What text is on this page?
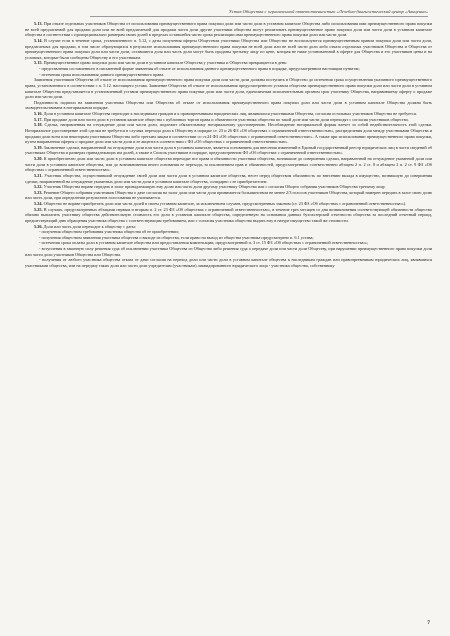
Устав Общества с ограниченной ответственностью «Лечебно-диагностический центр «Авиценна»

5.13. При отказе отдельных участников Общества от использования преимущественного права покупки доли или части доли в уставном капитале Общества либо использования ими преимущественного права покупки не всей предлагаемой для продажи доли или не всей предлагаемой для продажи части доли другие участники общества могут реализовать преимущественное право покупки доли или части доли в уставном капитале общества в соответствии с пропорционально размерам своих долей в пределах оставшейся части срока реализации ими преимущественного права покупки доли или части доли.

5.14. В случае если в течение срока, установленного п. 5.12, с даты получения оферты Обществом участники Общества или Общество не воспользуются преимущественным правом покупки доли или части доли, предлагаемых для продажи, в том числе образующихся в результате использования преимущественного права покупки не всей доли или не всей части доли либо отказа отдельных участников Общества и Общества от преимущественного права покупки доли или части доли, оставшиеся доля или часть доли могут быть проданы третьему лицу по цене, которая не ниже установленной в оферте для Общества и его участников цены и на условиях, которые были сообщены Обществу и его участникам.

5.15. Преимущественное право покупки доли или части доли в уставном капитале Общества у участника и Общества прекращается в день:

- представления составленного в письменной форме заявления об отказе от использования данного преимущественного права в порядке, предусмотренном настоящим пунктом;

- истечения срока использования данного преимущественного права.

Заявления участников Общества об отказе от использования преимущественного права покупки доли или части доли должны поступить в Общество до истечения срока осуществления указанного преимущественного права, установленного в соответствии с п. 5.12. настоящего устава. Заявление Общества об отказе от использования предусмотренного уставом общества преимущественного права покупки доли или части доли в уставном капитале Общества представляется в установленный уставом преимущественного права покупки доли или части доли, единоличным исполнительным органом срок участнику Общества, направившему оферту о продаже доли или части доли.

Подлинность подписи на заявлении участника Общества или Общества об отказе от использования преимущественного права покупки доли или части доли в уставном капитале Общества должна быть засвидетельствована в нотариальном порядке.

5.16. Доли в уставном капитале Общества переходят к наследникам граждан и к правопреемникам юридических лиц, являвшихся участниками Общества, согласия остальных участников Общества не требуется.

5.17. При продаже доли или части доли в уставном капитале общества с публичных торгов права и обязанности участника общества по такой доле или части доли переходят с согласия участников общества.

5.18. Сделка, направленная на отчуждение доли или части доли, подлежит обязательному нотариальному удостоверению. Несоблюдение нотариальной формы влечет за собой недействительность этой сделки. Нотариальное удостоверение этой сделки не требуется в случаях перехода доли к Обществу в порядке ст. 23 и 26 ФЗ «Об обществах с ограниченной ответственностью», распределения доли между участниками Общества и продажи доли всем или некоторым участникам Общества либо третьим лицам в соответствии со ст.24 ФЗ «Об обществах с ограниченной ответственностью». А также при использовании преимущественного права покупки, путем направления оферты о продаже доли или части доли и ее акцепта в соответствии с ФЗ «Об обществах с ограниченной ответственностью».

5.19. Заключение сделки, направленной на отчуждение доли или части доли в уставном капитале, является основанием для внесения изменений в Единый государственный реестр юридических лиц в части сведений об участниках Общества и размерах принадлежащих им долей, а также в Список участников в порядке, предусмотренном ФЗ «Об обществах с ограниченной ответственностью».

5.20. К приобретателю доли или части доли в уставном капитале общества переходят все права и обязанности участника общества, возникшие до совершения сделки, направленной на отчуждение указанной доли или части доли в уставном капитале общества, или до возникновения иного основания ее перехода, за исключением прав и обязанностей, предусмотренных соответственно абзацем 2 п. 2 ст. 8 и абзацем 2 п. 2 ст. 9 ФЗ «Об обществах с ограниченной ответственностью».

5.21. Участник общества, осуществивший отчуждение своей доли или части доли в уставном капитале общества, несет перед обществом обязанность по внесению вклада в имущество, возникшую до совершения сделки, направленной на отчуждение указанных доли или части доли в уставном капитале общества, солидарно с ее приобретателем.

5.22. Участник Общества вправе передать в залог принадлежащую ему долю или часть доли другому участнику Общества или с согласия Общего собрания участников Общества третьему лицу.

5.23. Решение Общего собрания участников Общества о даче согласия на залог доли или части доли принимается большинством не менее 2/3 голосов участников Общества, который намерен передать в залог свою долю или часть доли, при определении результатов голосования не учитывается.

5.24. Общество не вправе приобретать доли или части долей в своем уставном капитале, за исключением случаев, предусмотренных законом (ст. 23 ФЗ «Об обществах с ограниченной ответственностью»).

5.25. В случаях, предусмотренных абзацами первым и вторым п. 2 ст. 23 ФЗ «Об обществах с ограниченной ответственностью», в течение трех месяцев со дня возникновения соответствующей обязанности общество обязано выплатить участнику общества действительную стоимость его доли в уставном капитале общества, определенную на основании данных бухгалтерской отчетности общества за последний отчетный период, предшествующий дню обращения участника общества с соответствующим требованием, или с согласия участника общества выдать ему в натуре имущество такой же стоимости.

5.26. Доли или часть доли переходит к обществу с даты:

- получения обществом требования участника общества об ее приобретении;

- получения обществом заявления участника общества о выходе из общества, если право на выход из общества участника предусмотрено п. 6.1 устава;

- истечения срока оплаты доли в уставном капитале общества или предоставления компенсации, предусмотренной п. 3 ст. 15 ФЗ «Об обществах с ограниченной ответственностью»;

- вступления в законную силу решения суда об исключении участника Общества из Общества либо решения суда о передаче доли или части доли Обществу, при нарушении преимущественного права покупки доли или части доли участников Общества или Общества.

- получения от любого участника общества отказа от дачи согласия на переход доли или части доли в уставном капитале общества к наследникам граждан или правопреемникам юридических лиц, являвшихся участниками общества, или на передачу таких доли или части доли учредителям (участникам) ликвидированного юридического лица - участника общества, собственнику

7
